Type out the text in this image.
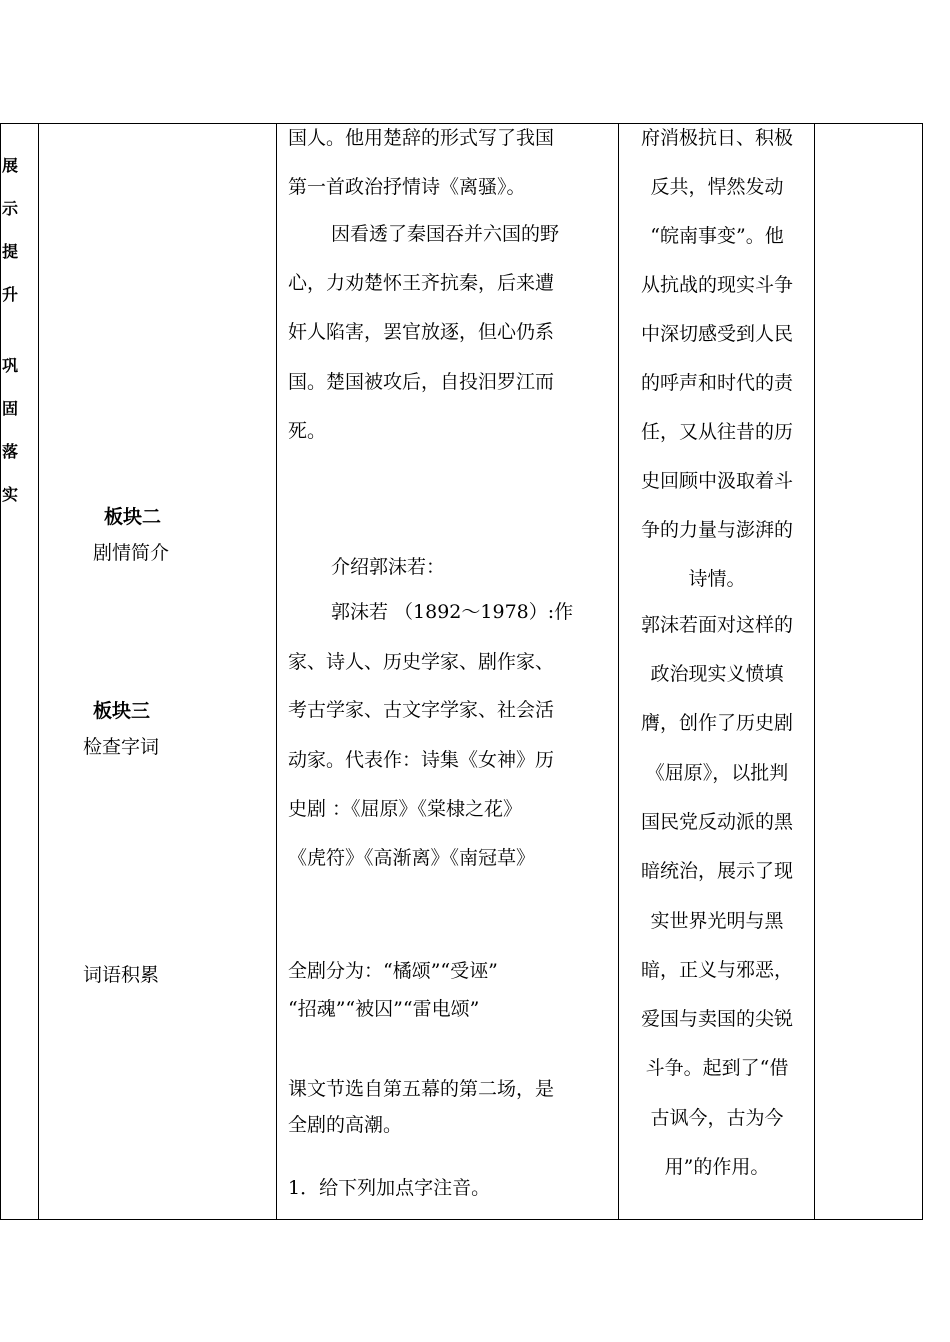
展
示
提
升
巩
固
落
实
板块二
剧情简介
板块三
检查字词
词语积累
国人。他用楚辞的形式写了我国
第一首政治抒情诗《离骚》。
因看透了秦国吞并六国的野
心，力劝楚怀王齐抗秦，后来遭
奸人陷害，罢官放逐，但心仍系
国。楚国被攻后，自投汨罗江而
死。
介绍郭沫若：
郭沫若 （1892～1978）:作
家、诗人、历史学家、剧作家、
考古学家、古文字学家、社会活
动家。代表作：诗集《女神》历
史剧 ：《屈原》《棠棣之花》
《虎符》《高渐离》《南冠草》
全剧分为：“橘颂”“受诬”
“招魂”“被囚”“雷电颂”
课文节选自第五幕的第二场，是
全剧的高潮。
1．给下列加点字注音。
府消极抗日、积极
反共，悍然发动
“皖南事变”。他
从抗战的现实斗争
中深切感受到人民
的呼声和时代的责
任，又从往昔的历
史回顾中汲取着斗
争的力量与澎湃的
诗情。
郭沫若面对这样的
政治现实义愤填
膺，创作了历史剧
《屈原》，以批判
国民党反动派的黑
暗统治，展示了现
实世界光明与黑
暗，正义与邪恶，
爱国与卖国的尖锐
斗争。起到了“借
古讽今，古为今
用”的作用。
